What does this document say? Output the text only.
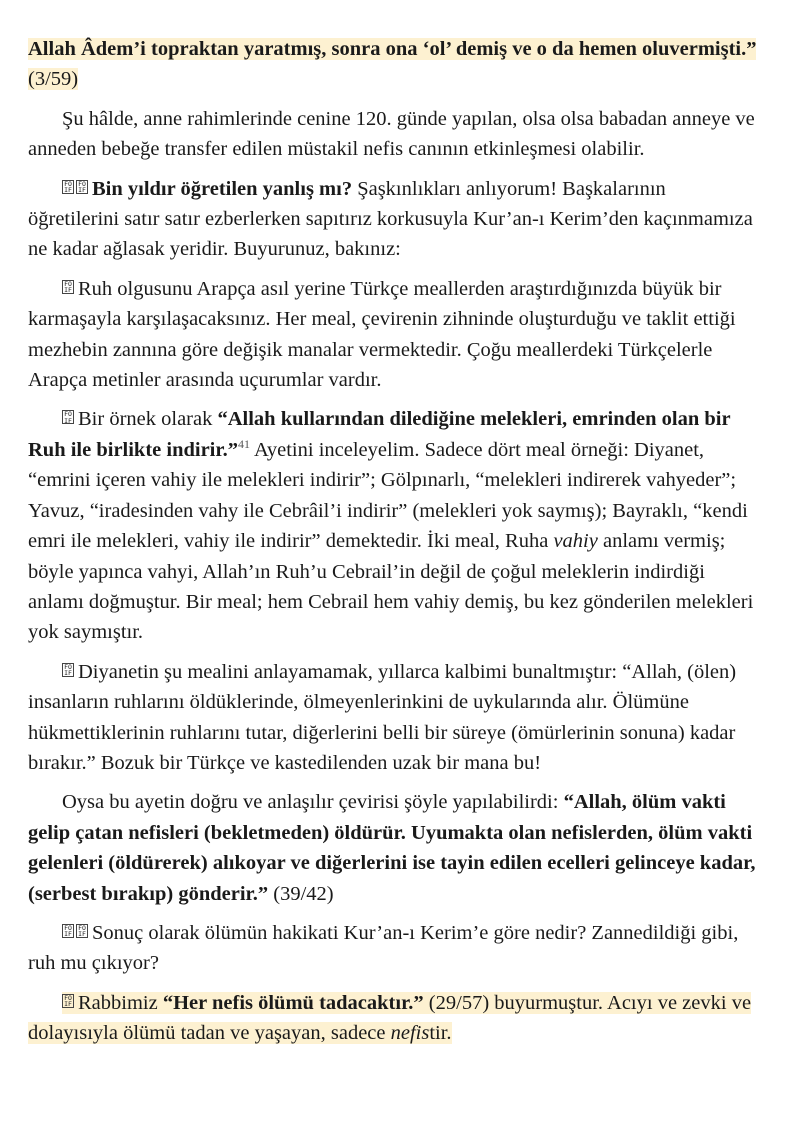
Allah Âdem’i topraktan yaratmış, sonra ona ‘ol’ demiş ve o da hemen oluvermişti.” (3/59)

Şu hâlde, anne rahimlerinde cenine 120. günde yapılan, olsa olsa babadan anneye ve anneden bebeğe transfer edilen müstakil nefis canının etkinleşmesi olabilir.

FO
IFFO
IF Bin yıldır öğretilen yanlış mı? Şaşkınlıkları anlıyorum! Başkalarının öğretilerini satır satır ezberlerken sapıtırız korkusuyla Kur’an-ı Kerim’den kaçınmamıza ne kadar ağlasak yeridir. Buyurunuz, bakınız:

FO
IF Ruh olgusunu Arapça asıl yerine Türkçe meallerden araştırdığınızda büyük bir karmaşayla karşılaşacaksınız. Her meal, çevirenin zihninde oluşturduğu ve taklit ettiği mezhebin zannına göre değişik manalar vermektedir. Çoğu meallerdeki Türkçelerle Arapça metinler arasında uçurumlar vardır.

FO
IF Bir örnek olarak “Allah kullarından dilediğine melekleri, emrinden olan bir Ruh ile birlikte indirir.”$^{41}$ Ayetini inceleyelim. Sadece dört meal örneği: Diyanet, “emrini içeren vahiy ile melekleri indirir”; Gölpınarlı, “melekleri indirerek vahyeder”; Yavuz, “iradesinden vahy ile Cebrâil’i indirir” (melekleri yok saymış); Bayraklı, “kendi emri ile melekleri, vahiy ile indirir” demektedir. İki meal, Ruha vahiy anlamı vermiş; böyle yapınca vahyi, Allah’ın Ruh’u Cebrail’in değil de çoğul meleklerin indirdiği anlamı doğmuştur. Bir meal; hem Cebrail hem vahiy demiş, bu kez gönderilen melekleri yok saymıştır.

FO
IF Diyanetin şu mealini anlayamamak, yıllarca kalbimi bunaltmıştır: “Allah, (ölen) insanların ruhlarını öldüklerinde, ölmeyenlerinkini de uykularında alır. Ölümüne hükmettiklerinin ruhlarını tutar, diğerlerini belli bir süreye (ömürlerinin sonuna) kadar bırakır.” Bozuk bir Türkçe ve kastedilenden uzak bir mana bu!

Oysa bu ayetin doğru ve anlaşılır çevirisi şöyle yapılabilirdi: “Allah, ölüm vakti gelip çatan nefisleri (bekletmeden) öldürür. Uyumakta olan nefislerden, ölüm vakti gelenleri (öldürerek) alıkoyar ve diğerlerini ise tayin edilen ecelleri gelinceye kadar, (serbest bırakıp) gönderir.” (39/42)

FO
IFFO
IF Sonuç olarak ölümün hakikati Kur’an-ı Kerim’e göre nedir? Zannedildiği gibi, ruh mu çıkıyor?

FO
IF Rabbimiz “Her nefis ölümü tadacaktır.” (29/57) buyurmuştur. Acıyı ve zevki ve dolayısıyla ölümü tadan ve yaşayan, sadece nefistir.
